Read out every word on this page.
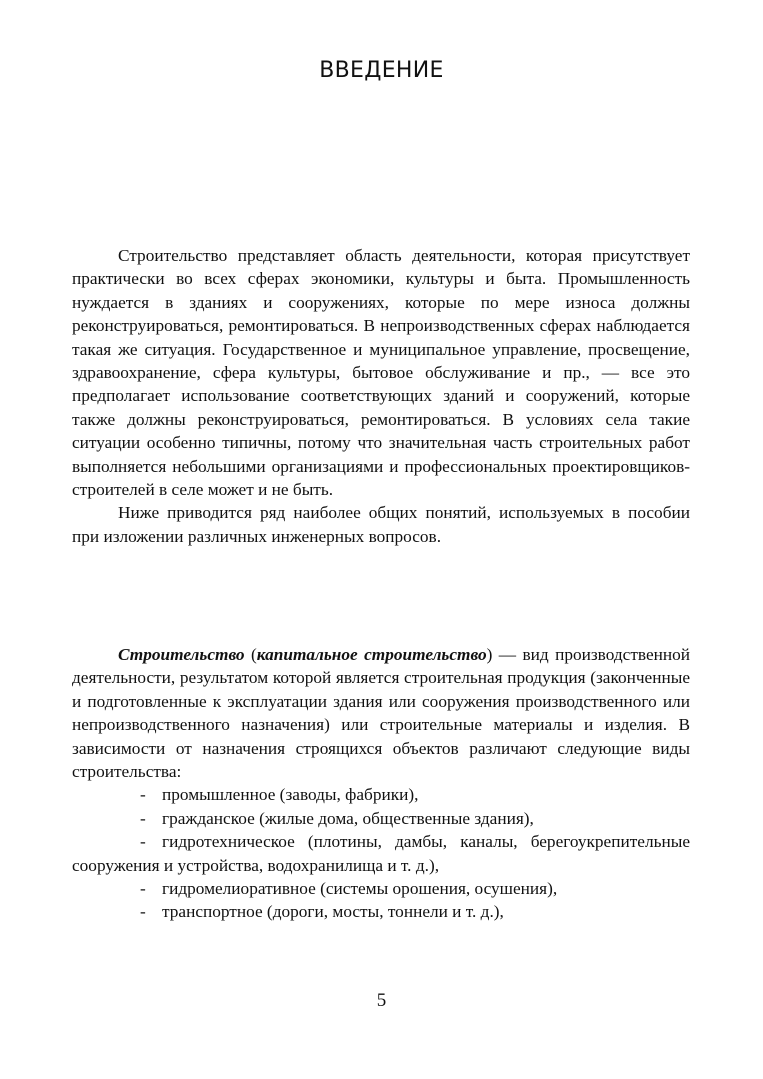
ВВЕДЕНИЕ

Строительство представляет область деятельности, которая присутствует практически во всех сферах экономики, культуры и быта. Промышленность нуждается в зданиях и сооружениях, которые по мере износа должны реконструироваться, ремонтироваться. В непроизводственных сферах наблюдается такая же ситуация. Государственное и муниципальное управление, просвещение, здравоохранение, сфера культуры, бытовое обслуживание и пр., — все это предполагает использование соответствующих зданий и сооружений, которые также должны реконструироваться, ремонтироваться. В условиях села такие ситуации особенно типичны, потому что значительная часть строительных работ выполняется небольшими организациями и профессиональных проектировщиков-строителей в селе может и не быть.

Ниже приводится ряд наиболее общих понятий, используемых в пособии при изложении различных инженерных вопросов.

Строительство (капитальное строительство) — вид производственной деятельности, результатом которой является строительная продукция (законченные и подготовленные к эксплуатации здания или сооружения производственного или непроизводственного назначения) или строительные материалы и изделия. В зависимости от назначения строящихся объектов различают следующие виды строительства:

- промышленное (заводы, фабрики),
- гражданское (жилые дома, общественные здания),
- гидротехническое (плотины, дамбы, каналы, берегоукрепительные сооружения и устройства, водохранилища и т. д.),
- гидромелиоративное (системы орошения, осушения),
- транспортное (дороги, мосты, тоннели и т. д.),
5
